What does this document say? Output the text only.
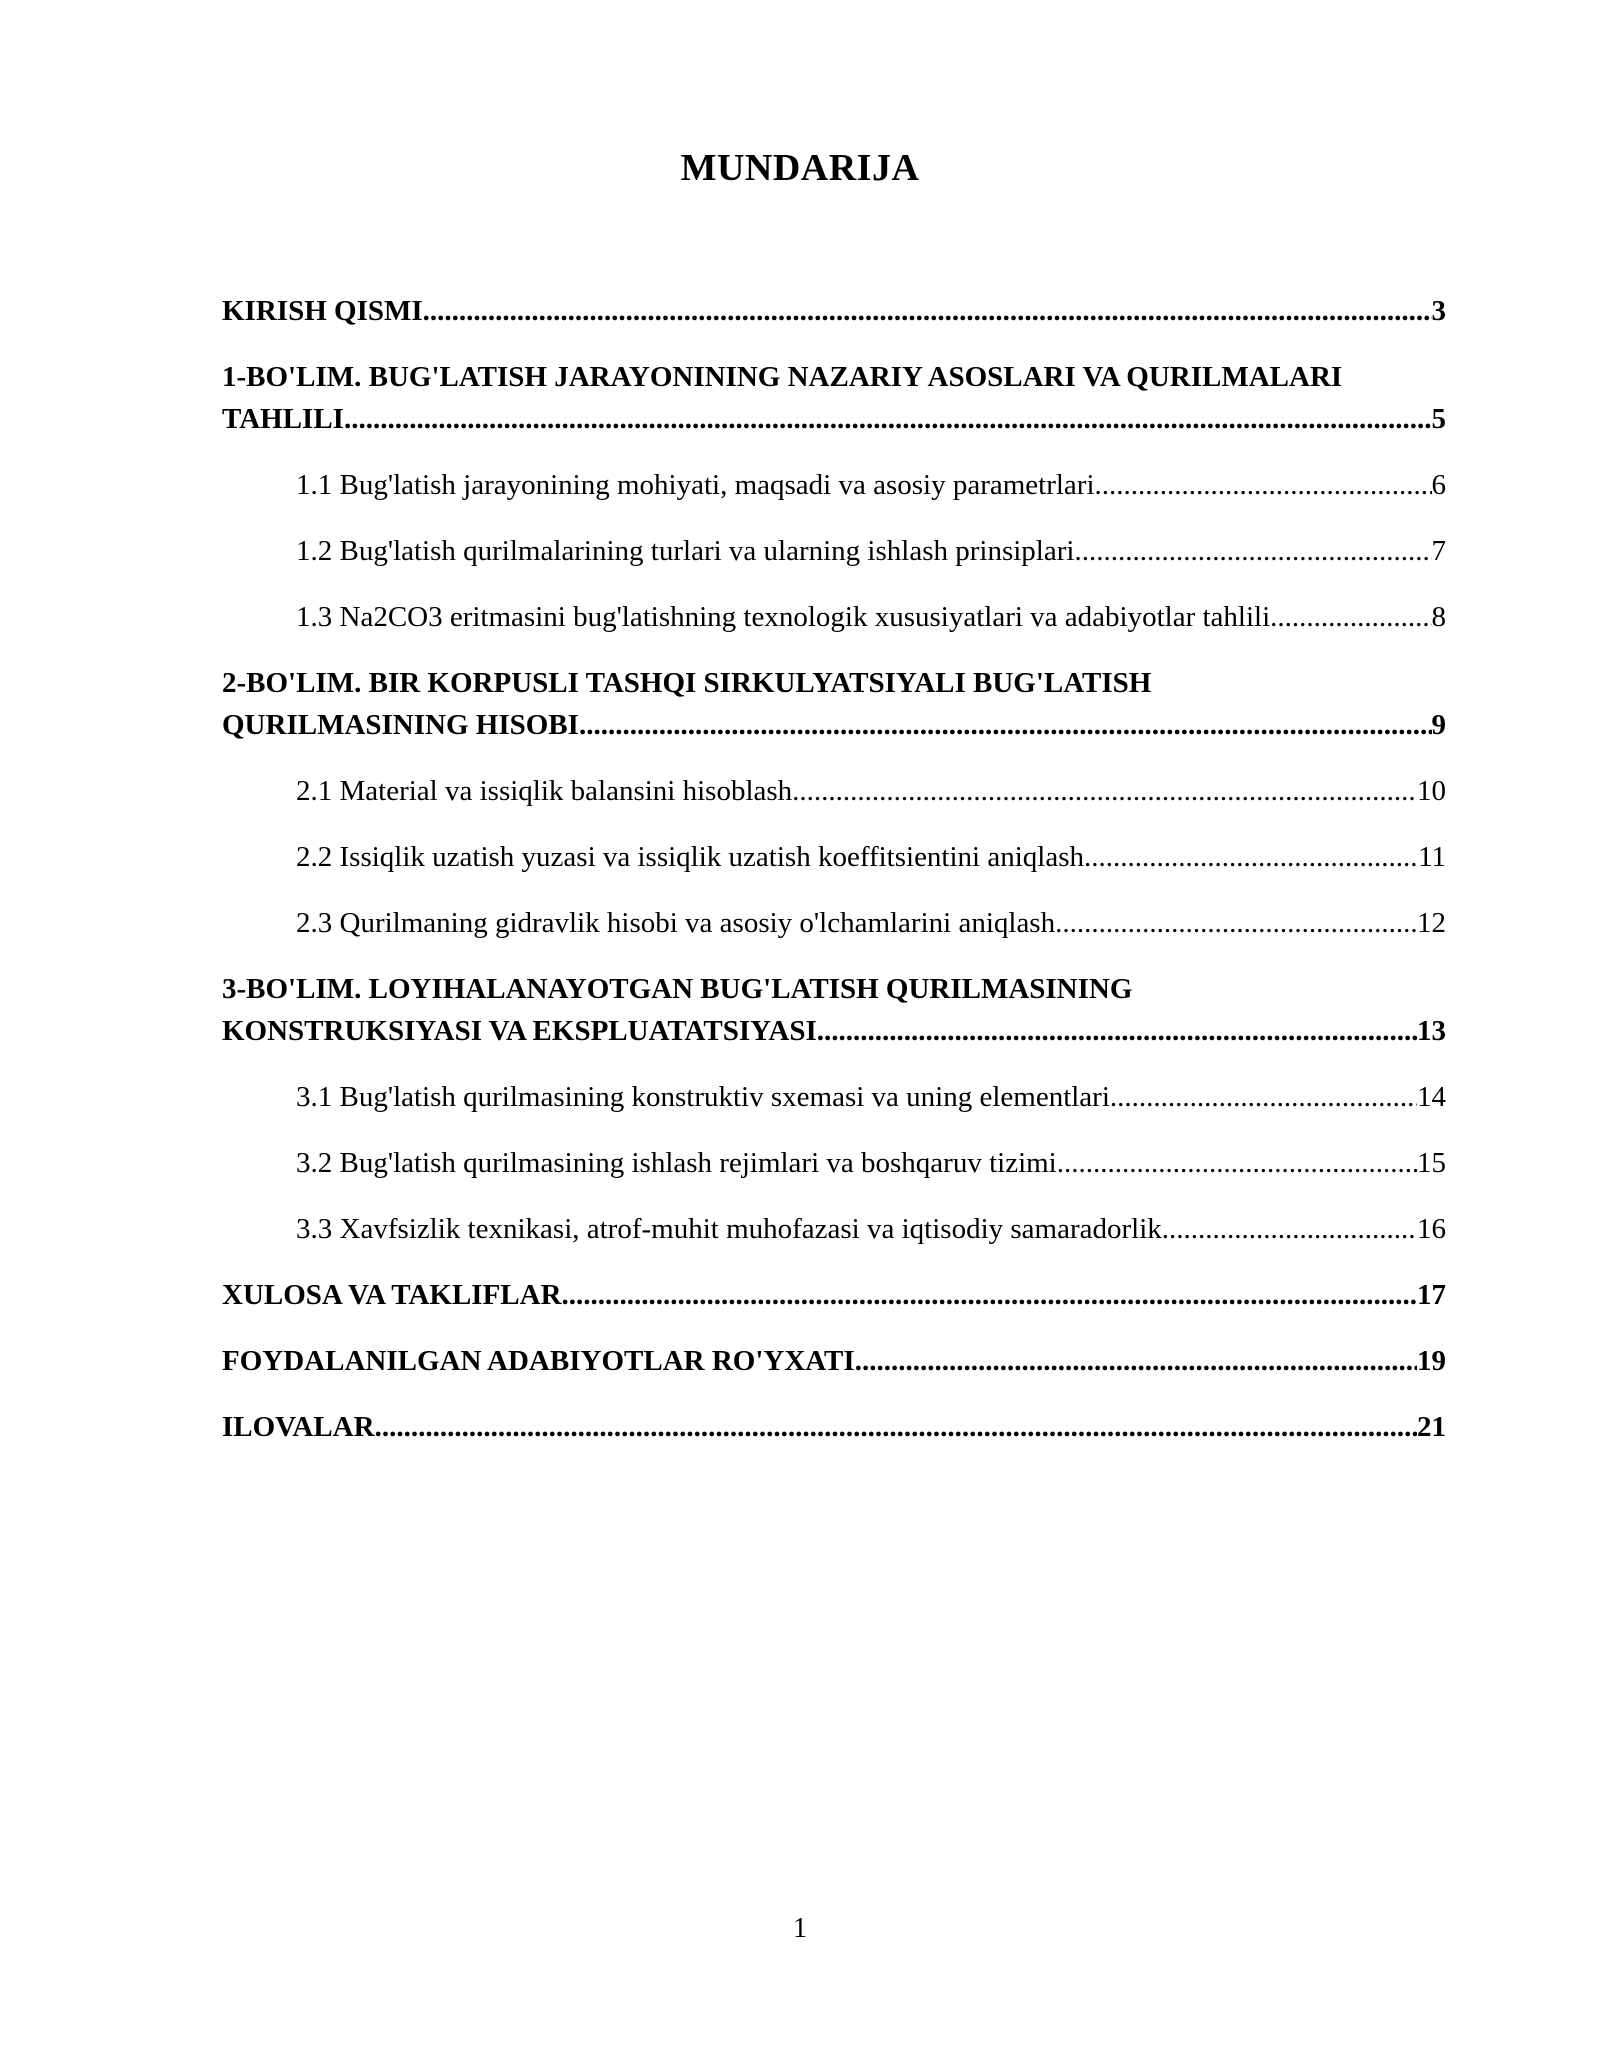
MUNDARIJA
KIRISH QISMI .....	3
1-BO'LIM. BUG'LATISH JARAYONINING NAZARIY ASOSLARI VA QURILMALARI
TAHLILI .....	5
1.1 Bug'latish jarayonining mohiyati, maqsadi va asosiy parametrlari .....	6
1.2 Bug'latish qurilmalarining turlari va ularning ishlash prinsiplari .....	7
1.3 Na2CO3 eritmasini bug'latishning texnologik xususiyatlari va adabiyotlar tahlili .....	8
2-BO'LIM. BIR KORPUSLI TASHQI SIRKULYATSIYALI BUG'LATISH
QURILMASINING HISOBI .....	9
2.1 Material va issiqlik balansini hisoblash .....	10
2.2 Issiqlik uzatish yuzasi va issiqlik uzatish koeffitsientini aniqlash .....	11
2.3 Qurilmaning gidravlik hisobi va asosiy o'lchamlarini aniqlash .....	12
3-BO'LIM. LOYIHALANAYOTGAN BUG'LATISH QURILMASINING
KONSTRUKSIYASI VA EKSPLUATATSIYASI .....	13
3.1 Bug'latish qurilmasining konstruktiv sxemasi va uning elementlari .....	14
3.2 Bug'latish qurilmasining ishlash rejimlari va boshqaruv tizimi .....	15
3.3 Xavfsizlik texnikasi, atrof-muhit muhofazasi va iqtisodiy samaradorlik .....	16
XULOSA VA TAKLIFLAR .....	17
FOYDALANILGAN ADABIYOTLAR RO'YXATI .....	19
ILOVALAR .....	21
1
